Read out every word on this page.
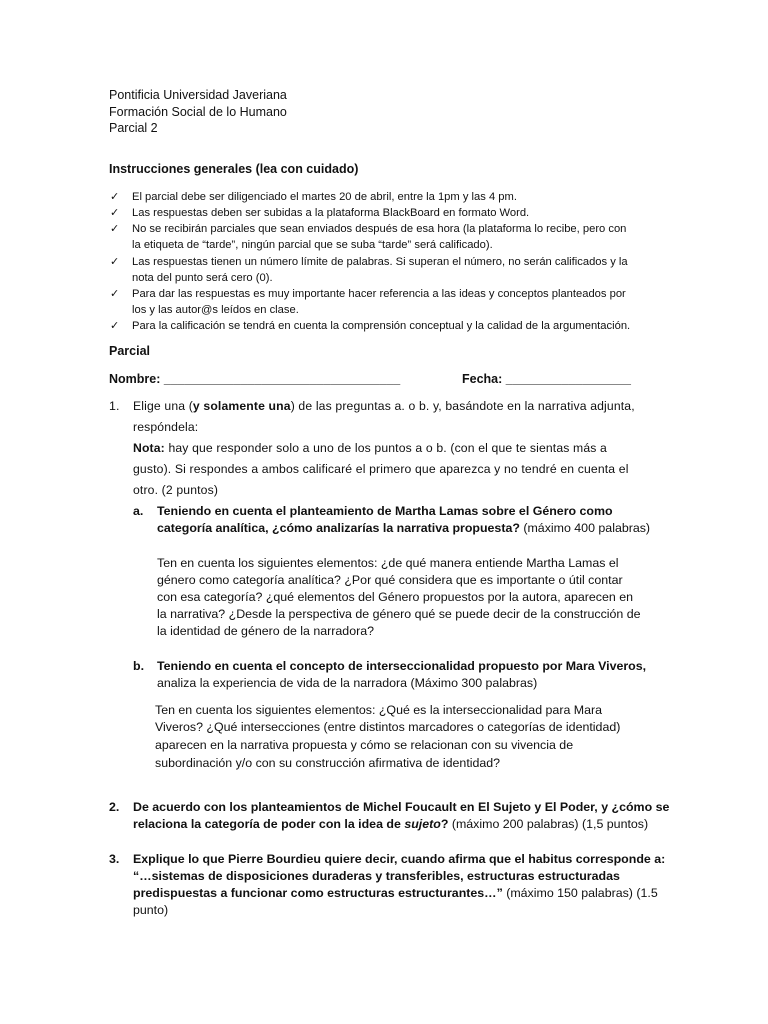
Pontificia Universidad Javeriana
Formación Social de lo Humano
Parcial 2
Instrucciones generales (lea con cuidado)
✓ El parcial debe ser diligenciado el martes 20 de abril, entre la 1pm y las 4 pm.
✓ Las respuestas deben ser subidas a la plataforma BlackBoard en formato Word.
✓ No se recibirán parciales que sean enviados después de esa hora (la plataforma lo recibe, pero con
la etiqueta de “tarde”, ningún parcial que se suba “tarde” será calificado).
✓ Las respuestas tienen un número límite de palabras. Si superan el número, no serán calificados y la
nota del punto será cero (0).
✓ Para dar las respuestas es muy importante hacer referencia a las ideas y conceptos planteados por
los y las autor@s leídos en clase.
✓ Para la calificación se tendrá en cuenta la comprensión conceptual y la calidad de la argumentación.
Parcial
Nombre: __________________________________	Fecha: __________________
1. Elige una (y solamente una) de las preguntas a. o b. y, basándote en la narrativa adjunta,
respóndela:
Nota: hay que responder solo a uno de los puntos a o b. (con el que te sientas más a
gusto). Si respondes a ambos calificaré el primero que aparezca y no tendré en cuenta el
otro. (2 puntos)
a. Teniendo en cuenta el planteamiento de Martha Lamas sobre el Género como
categoría analítica, ¿cómo analizarías la narrativa propuesta? (máximo 400 palabras)
Ten en cuenta los siguientes elementos: ¿de qué manera entiende Martha Lamas el
género como categoría analítica? ¿Por qué considera que es importante o útil contar
con esa categoría? ¿qué elementos del Género propuestos por la autora, aparecen en
la narrativa? ¿Desde la perspectiva de género qué se puede decir de la construcción de
la identidad de género de la narradora?
b. Teniendo en cuenta el concepto de interseccionalidad propuesto por Mara Viveros,
analiza la experiencia de vida de la narradora (Máximo 300 palabras)
Ten en cuenta los siguientes elementos: ¿Qué es la interseccionalidad para Mara
Viveros? ¿Qué intersecciones (entre distintos marcadores o categorías de identidad)
aparecen en la narrativa propuesta y cómo se relacionan con su vivencia de
subordinación y/o con su construcción afirmativa de identidad?
2. De acuerdo con los planteamientos de Michel Foucault en El Sujeto y El Poder, y ¿cómo se
relaciona la categoría de poder con la idea de sujeto? (máximo 200 palabras) (1,5 puntos)
3. Explique lo que Pierre Bourdieu quiere decir, cuando afirma que el habitus corresponde a:
“…sistemas de disposiciones duraderas y transferibles, estructuras estructuradas
predispuestas a funcionar como estructuras estructurantes…” (máximo 150 palabras) (1.5
punto)
